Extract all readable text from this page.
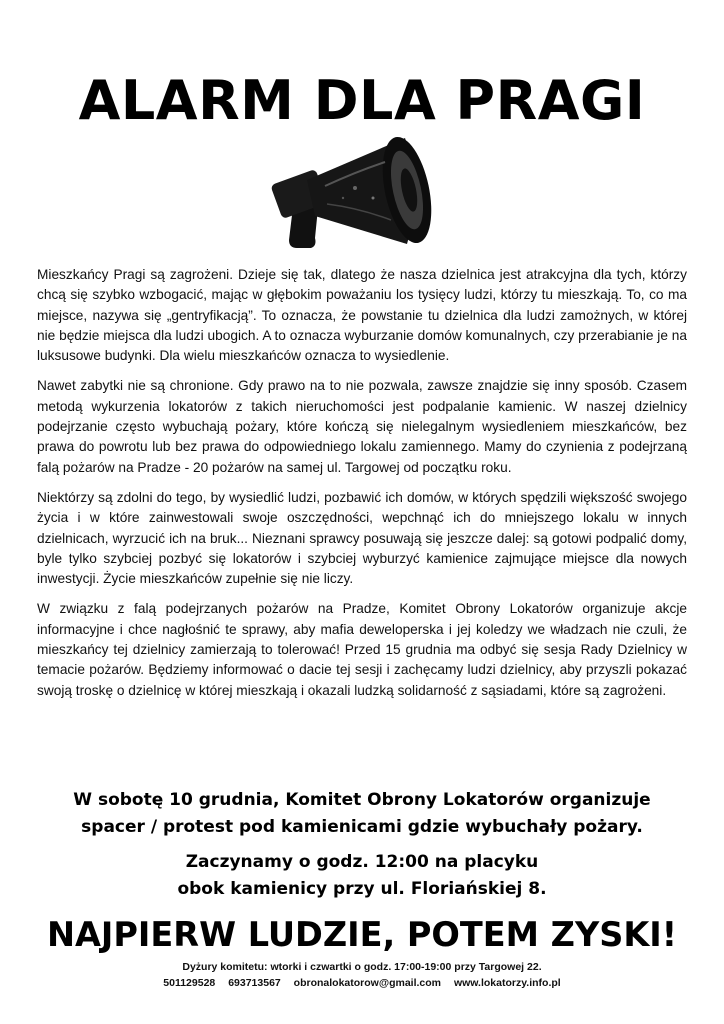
ALARM DLA PRAGI

Mieszkańcy Pragi są zagrożeni. Dzieje się tak, dlatego że nasza dzielnica jest atrakcyjna dla tych, którzy chcą się szybko wzbogacić, mając w głębokim poważaniu los tysięcy ludzi, którzy tu mieszkają. To, co ma miejsce, nazywa się „gentryfikacją”. To oznacza, że powstanie tu dzielnica dla ludzi zamożnych, w której nie będzie miejsca dla ludzi ubogich. A to oznacza wyburzanie domów komunalnych, czy przerabianie je na luksusowe budynki. Dla wielu mieszkańców oznacza to wysiedlenie.

Nawet zabytki nie są chronione. Gdy prawo na to nie pozwala, zawsze znajdzie się inny sposób. Czasem metodą wykurzenia lokatorów z takich nieruchomości jest podpalanie kamienic. W naszej dzielnicy podejrzanie często wybuchają pożary, które kończą się nielegalnym wysiedleniem mieszkańców, bez prawa do powrotu lub bez prawa do odpowiedniego lokalu zamiennego. Mamy do czynienia z podejrzaną falą pożarów na Pradze - 20 pożarów na samej ul. Targowej od początku roku.

Niektórzy są zdolni do tego, by wysiedlić ludzi, pozbawić ich domów, w których spędzili większość swojego życia i w które zainwestowali swoje oszczędności, wepchnąć ich do mniejszego lokalu w innych dzielnicach, wyrzucić ich na bruk... Nieznani sprawcy posuwają się jeszcze dalej: są gotowi podpalić domy, byle tylko szybciej pozbyć się lokatorów i szybciej wyburzyć kamienice zajmujące miejsce dla nowych inwestycji. Życie mieszkańców zupełnie się nie liczy.

W związku z falą podejrzanych pożarów na Pradze, Komitet Obrony Lokatorów organizuje akcje informacyjne i chce nagłośnić te sprawy, aby mafia deweloperska i jej koledzy we władzach nie czuli, że mieszkańcy tej dzielnicy zamierzają to tolerować! Przed 15 grudnia ma odbyć się sesja Rady Dzielnicy w temacie pożarów. Będziemy informować o dacie tej sesji i zachęcamy ludzi dzielnicy, aby przyszli pokazać swoją troskę o dzielnicę w której mieszkają i okazali ludzką solidarność z sąsiadami, które są zagrożeni.

W sobotę 10 grudnia, Komitet Obrony Lokatorów organizuje
spacer / protest pod kamienicami gdzie wybuchały pożary.
Zaczynamy o godz. 12:00 na placyku
obok kamienicy przy ul. Floriańskiej 8.
NAJPIERW LUDZIE, POTEM ZYSKI!
Dyżury komitetu: wtorki i czwartki o godz. 17:00-19:00 przy Targowej 22.
501129528 693713567 obronalokatorow@gmail.com www.lokatorzy.info.pl
